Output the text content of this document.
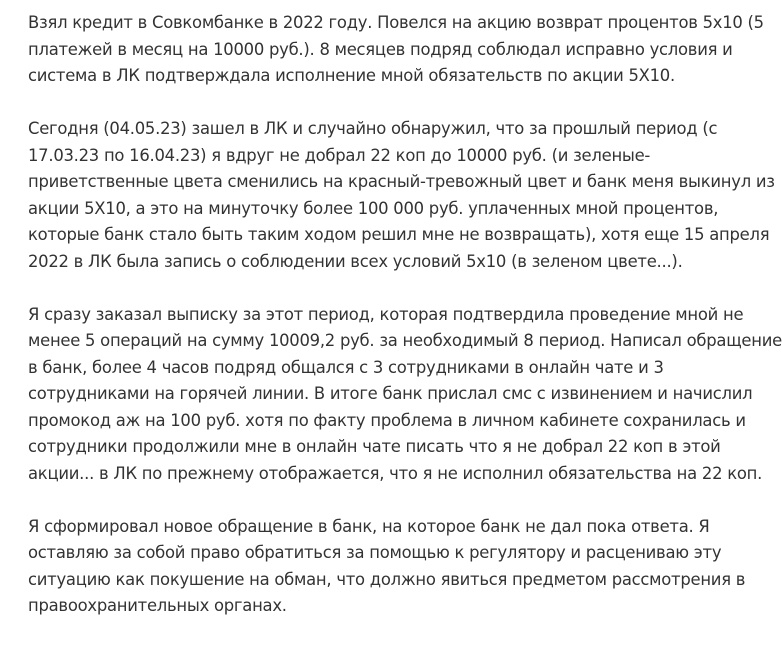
Взял кредит в Совкомбанке в 2022 году. Повелся на акцию возврат процентов 5х10 (5
платежей в месяц на 10000 руб.). 8 месяцев подряд соблюдал исправно условия и
система в ЛК подтверждала исполнение мной обязательств по акции 5Х10.

Сегодня (04.05.23) зашел в ЛК и случайно обнаружил, что за прошлый период (с
17.03.23 по 16.04.23) я вдруг не добрал 22 коп до 10000 руб. (и зеленые-
приветственные цвета сменились на красный-тревожный цвет и банк меня выкинул из
акции 5Х10, а это на минуточку более 100 000 руб. уплаченных мной процентов,
которые банк стало быть таким ходом решил мне не возвращать), хотя еще 15 апреля
2022 в ЛК была запись о соблюдении всех условий 5х10 (в зеленом цвете...).

Я сразу заказал выписку за этот период, которая подтвердила проведение мной не
менее 5 операций на сумму 10009,2 руб. за необходимый 8 период. Написал обращение
в банк, более 4 часов подряд общался с 3 сотрудниками в онлайн чате и 3
сотрудниками на горячей линии. В итоге банк прислал смс с извинением и начислил
промокод аж на 100 руб. хотя по факту проблема в личном кабинете сохранилась и
сотрудники продолжили мне в онлайн чате писать что я не добрал 22 коп в этой
акции... в ЛК по прежнему отображается, что я не исполнил обязательства на 22 коп.

Я сформировал новое обращение в банк, на которое банк не дал пока ответа. Я
оставляю за собой право обратиться за помощью к регулятору и расцениваю эту
ситуацию как покушение на обман, что должно явиться предметом рассмотрения в
правоохранительных органах.
